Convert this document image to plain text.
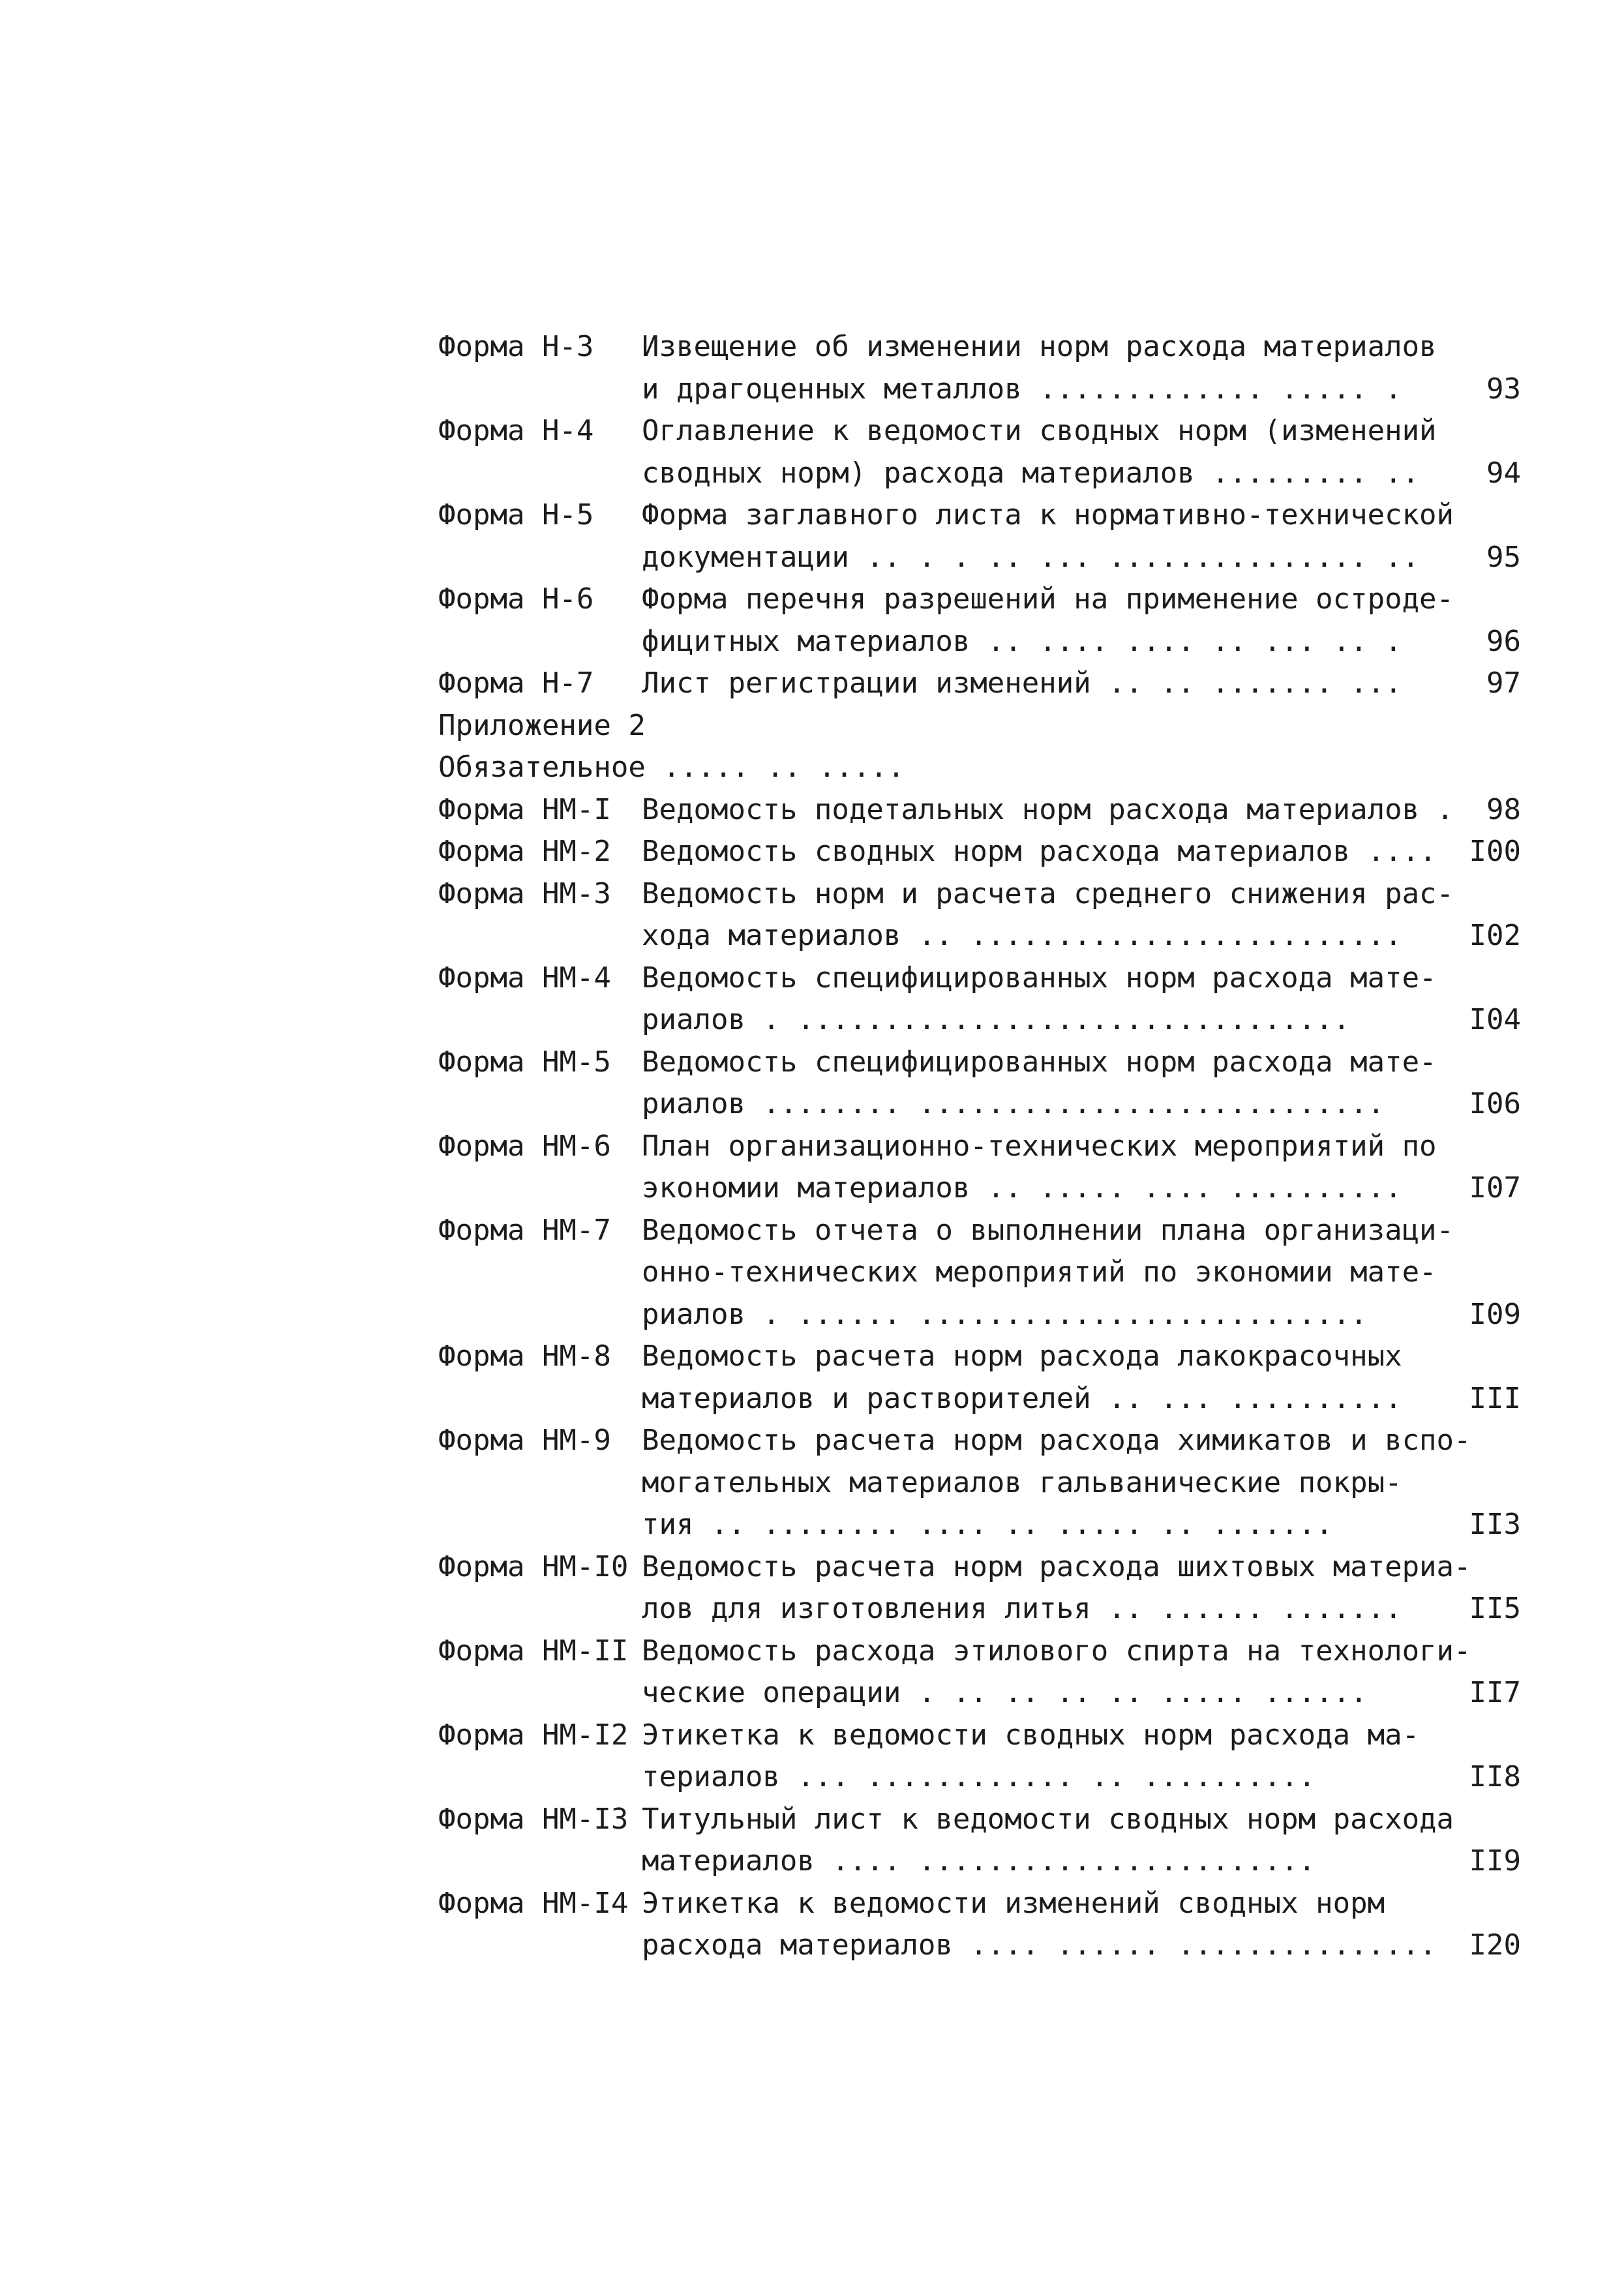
Форма Н-3	Извещение об изменении норм расхода материалов
и драгоценных металлов ............. ..... .	93
Форма Н-4	Оглавление к ведомости сводных норм (изменений
сводных норм) расхода материалов ......... ..	94
Форма Н-5	Форма заглавного листа к нормативно-технической
документации .. . . .. ... ............... ..	95
Форма Н-6	Форма перечня разрешений на применение остроде-
фицитных материалов .. .... .... .. ... .. .	96
Форма Н-7	Лист регистрации изменений .. .. ....... ...	97
Приложение 2
Обязательное ..... .. .....
Форма НМ-I	Ведомость подетальных норм расхода материалов .	98
Форма НМ-2	Ведомость сводных норм расхода материалов ....	I00
Форма НМ-3	Ведомость норм и расчета среднего снижения рас-
хода материалов .. .........................	I02
Форма НМ-4	Ведомость специфицированных норм расхода мате-
риалов . ................................	I04
Форма НМ-5	Ведомость специфицированных норм расхода мате-
риалов ........ ...........................	I06
Форма НМ-6	План организационно-технических мероприятий по
экономии материалов .. ..... .... ..........	I07
Форма НМ-7	Ведомость отчета о выполнении плана организаци-
онно-технических мероприятий по экономии мате-
риалов . ...... ..........................	I09
Форма НМ-8	Ведомость расчета норм расхода лакокрасочных
материалов и растворителей .. ... ..........	III
Форма НМ-9	Ведомость расчета норм расхода химикатов и вспо-
могательных материалов гальванические покры-
тия .. ........ .... .. ..... .. .......	II3
Форма НМ-I0 Ведомость расчета норм расхода шихтовых материа-
лов для изготовления литья .. ...... .......	II5
Форма НМ-II Ведомость расхода этилового спирта на технологи-
ческие операции . .. .. .. .. ..... ......	II7
Форма НМ-I2 Этикетка к ведомости сводных норм расхода ма-
териалов ... ............ .. ..........	II8
Форма НМ-I3 Титульный лист к ведомости сводных норм расхода
материалов .... .......................	II9
Форма НМ-I4 Этикетка к ведомости изменений сводных норм
расхода материалов .... ...... ...............	I20
